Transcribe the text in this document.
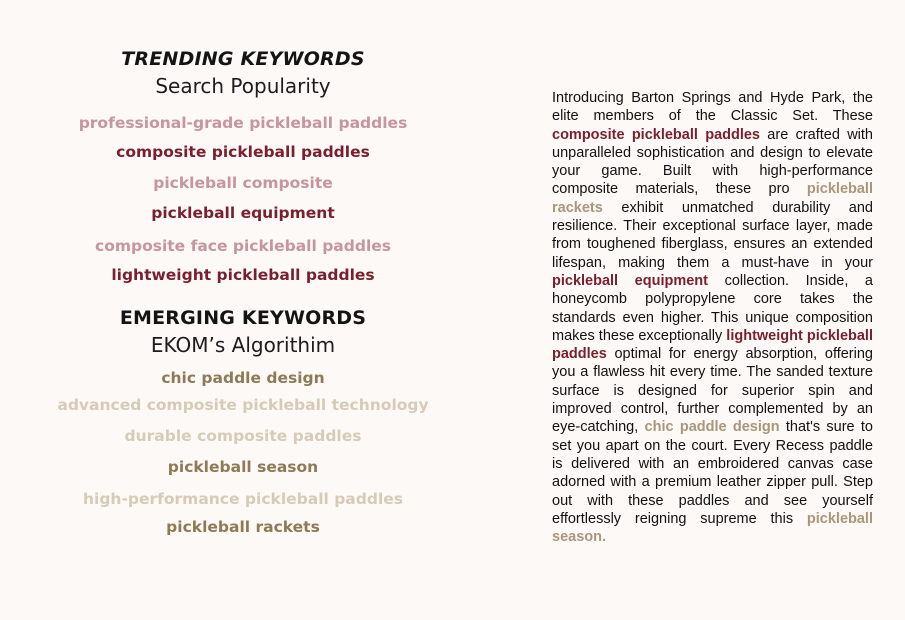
TRENDING KEYWORDS
Search Popularity
professional-grade pickleball paddles
composite pickleball paddles
pickleball composite
pickleball equipment
composite face pickleball paddles
lightweight pickleball paddles
EMERGING KEYWORDS
EKOM’s Algorithim
chic paddle design
advanced composite pickleball technology
durable composite paddles
pickleball season
high-performance pickleball paddles
pickleball rackets
Introducing Barton Springs and Hyde Park, the elite members of the Classic Set. These composite pickleball paddles are crafted with unparalleled sophistication and design to elevate your game. Built with high-performance composite materials, these pro pickleball rackets exhibit unmatched durability and resilience. Their exceptional surface layer, made from toughened fiberglass, ensures an extended lifespan, making them a must-have in your pickleball equipment collection. Inside, a honeycomb polypropylene core takes the standards even higher. This unique composition makes these exceptionally lightweight pickleball paddles optimal for energy absorption, offering you a flawless hit every time. The sanded texture surface is designed for superior spin and improved control, further complemented by an eye-catching, chic paddle design that's sure to set you apart on the court. Every Recess paddle is delivered with an embroidered canvas case adorned with a premium leather zipper pull. Step out with these paddles and see yourself effortlessly reigning supreme this pickleball season.
